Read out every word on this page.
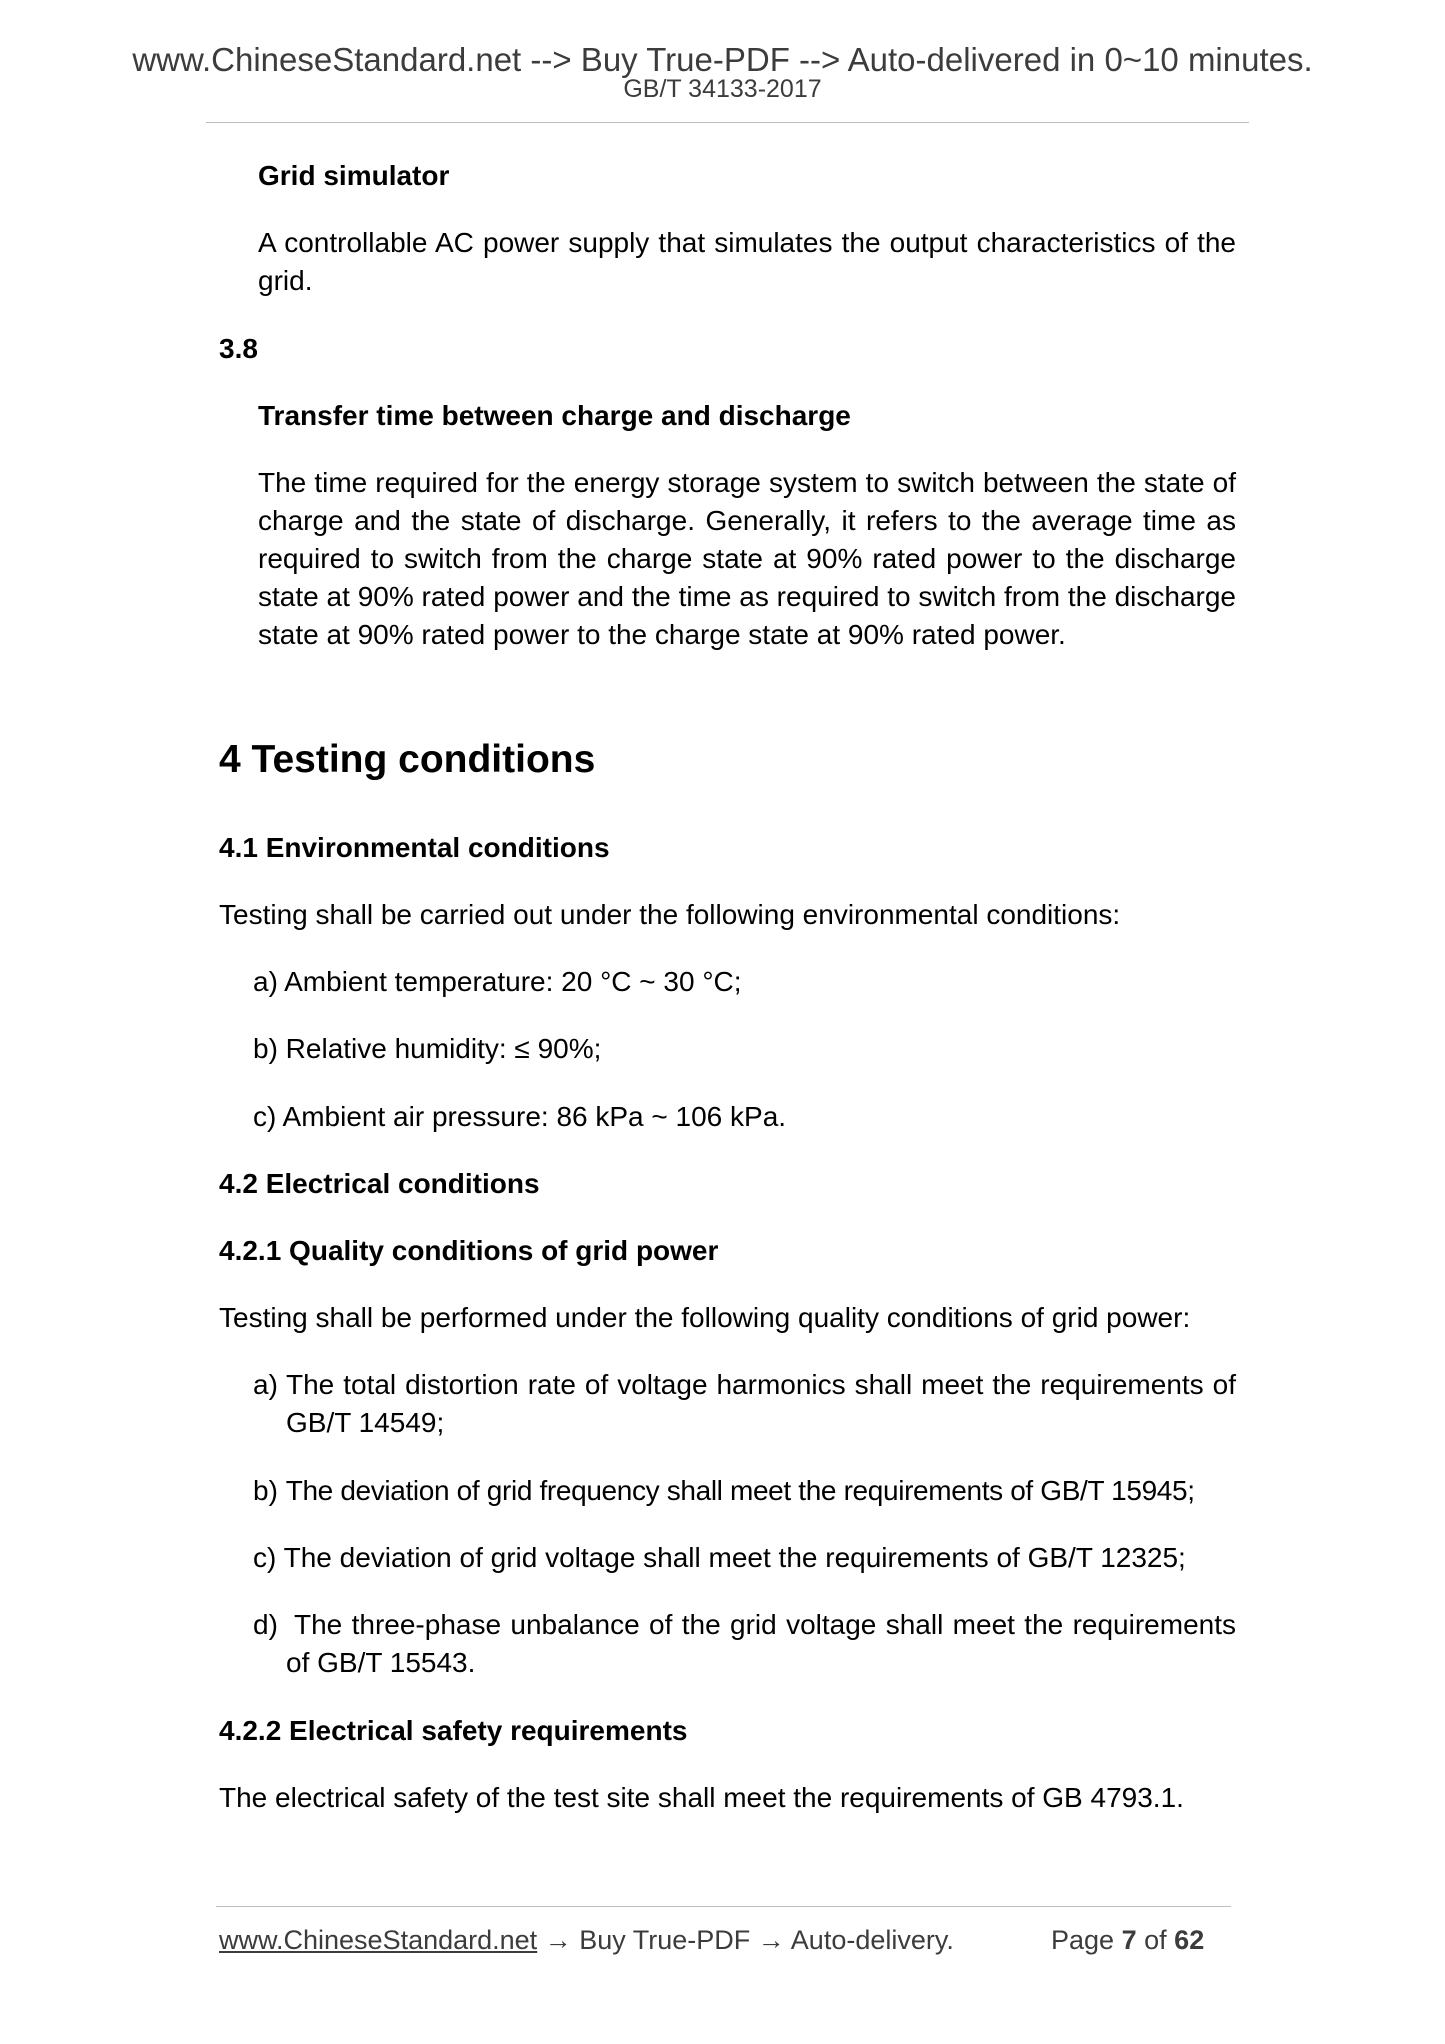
www.ChineseStandard.net --> Buy True-PDF --> Auto-delivered in 0~10 minutes.
GB/T 34133-2017
Grid simulator
A controllable AC power supply that simulates the output characteristics of the grid.
3.8
Transfer time between charge and discharge
The time required for the energy storage system to switch between the state of charge and the state of discharge. Generally, it refers to the average time as required to switch from the charge state at 90% rated power to the discharge state at 90% rated power and the time as required to switch from the discharge state at 90% rated power to the charge state at 90% rated power.
4 Testing conditions
4.1 Environmental conditions
Testing shall be carried out under the following environmental conditions:
a) Ambient temperature: 20 °C ~ 30 °C;
b) Relative humidity: ≤ 90%;
c) Ambient air pressure: 86 kPa ~ 106 kPa.
4.2 Electrical conditions
4.2.1 Quality conditions of grid power
Testing shall be performed under the following quality conditions of grid power:
a) The total distortion rate of voltage harmonics shall meet the requirements of GB/T 14549;
b) The deviation of grid frequency shall meet the requirements of GB/T 15945;
c) The deviation of grid voltage shall meet the requirements of GB/T 12325;
d) The three-phase unbalance of the grid voltage shall meet the requirements of GB/T 15543.
4.2.2 Electrical safety requirements
The electrical safety of the test site shall meet the requirements of GB 4793.1.
www.ChineseStandard.net → Buy True-PDF → Auto-delivery.	Page 7 of 62
